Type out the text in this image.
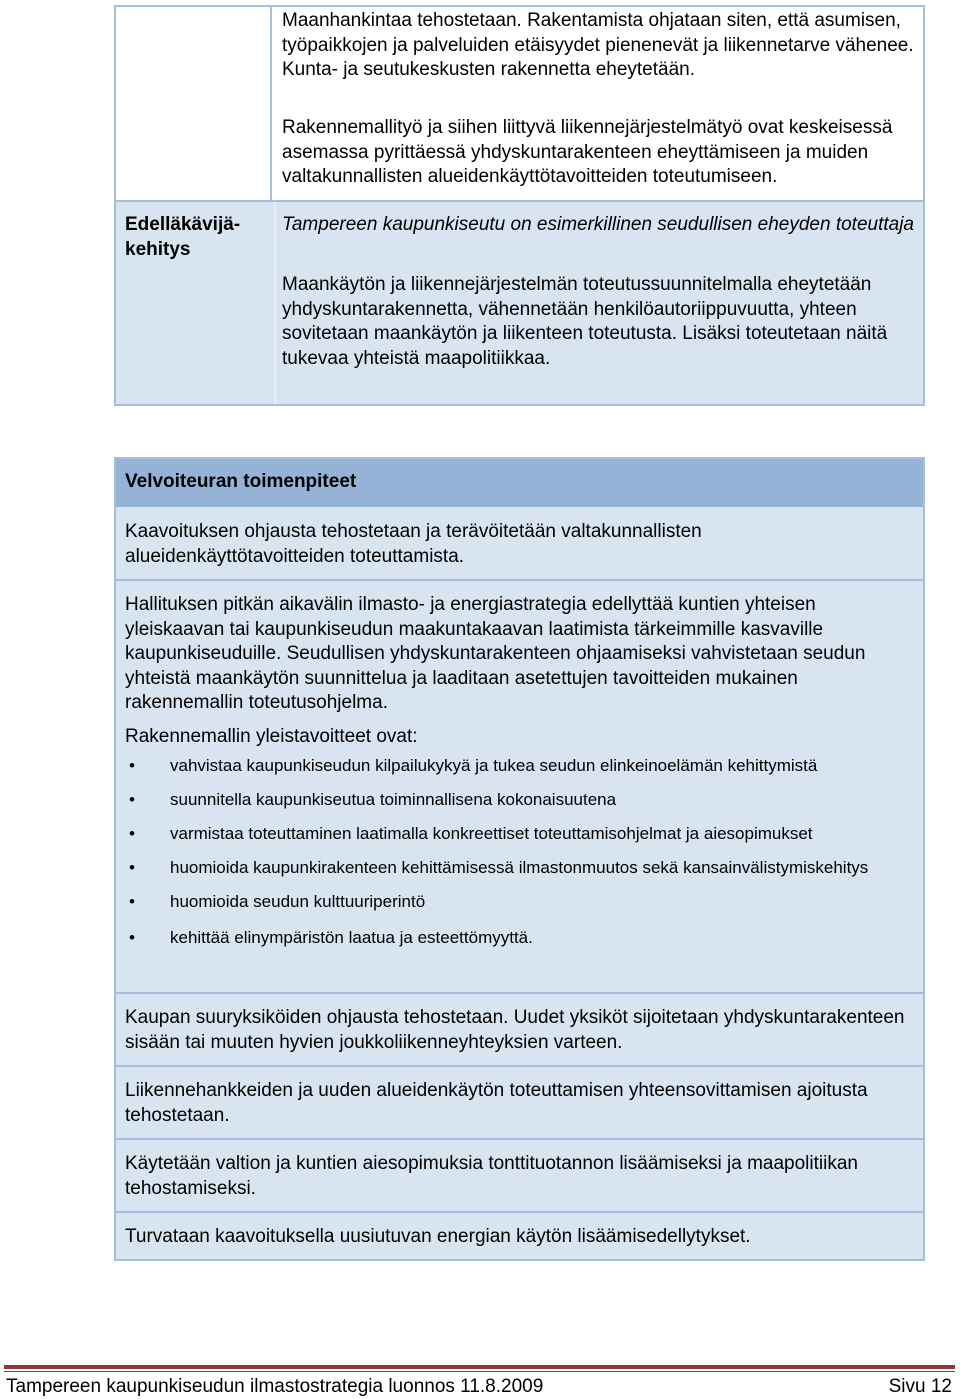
Maanhankintaa tehostetaan. Rakentamista ohjataan siten, että asumisen, työpaikkojen ja palveluiden etäisyydet pienenevät ja liikennetarve vähenee. Kunta- ja seutukeskusten rakennetta eheytetään.

Rakennemallityö ja siihen liittyvä liikennejärjestelmätyö ovat keskeisessä asemassa pyrittäessä yhdyskuntarakenteen eheyttämiseen ja muiden valtakunnallisten alueidenkäyttötavoitteiden toteutumiseen.

Edelläkävijä-
kehitys

Tampereen kaupunkiseutu on esimerkillinen seudullisen eheyden toteuttaja

Maankäytön ja liikennejärjestelmän toteutussuunnitelmalla eheytetään yhdyskuntarakennetta, vähennetään henkilöautoriippuvuutta, yhteen sovitetaan maankäytön ja liikenteen toteutusta. Lisäksi toteutetaan näitä tukevaa yhteistä maapolitiikkaa.

Velvoiteuran toimenpiteet

Kaavoituksen ohjausta tehostetaan ja terävöitetään valtakunnallisten alueidenkäyttötavoitteiden toteuttamista.

Hallituksen pitkän aikavälin ilmasto- ja energiastrategia edellyttää kuntien yhteisen yleiskaavan tai kaupunkiseudun maakuntakaavan laatimista tärkeimmille kasvaville kaupunkiseuduille. Seudullisen yhdyskuntarakenteen ohjaamiseksi vahvistetaan seudun yhteistä maankäytön suunnittelua ja laaditaan asetettujen tavoitteiden mukainen rakennemallin toteutusohjelma.

Rakennemallin yleistavoitteet ovat:

• vahvistaa kaupunkiseudun kilpailukykyä ja tukea seudun elinkeinoelämän kehittymistä
• suunnitella kaupunkiseutua toiminnallisena kokonaisuutena
• varmistaa toteuttaminen laatimalla konkreettiset toteuttamisohjelmat ja aiesopimukset
• huomioida kaupunkirakenteen kehittämisessä ilmastonmuutos sekä kansainvälistymiskehitys
• huomioida seudun kulttuuriperintö
• kehittää elinympäristön laatua ja esteettömyyttä.

Kaupan suuryksiköiden ohjausta tehostetaan. Uudet yksiköt sijoitetaan yhdyskuntarakenteen sisään tai muuten hyvien joukkoliikenneyhteyksien varteen.

Liikennehankkeiden ja uuden alueidenkäytön toteuttamisen yhteensovittamisen ajoitusta tehostetaan.

Käytetään valtion ja kuntien aiesopimuksia tonttituotannon lisäämiseksi ja maapolitiikan tehostamiseksi.

Turvataan kaavoituksella uusiutuvan energian käytön lisäämisedellytykset.

Tampereen kaupunkiseudun ilmastostrategia luonnos 11.8.2009	Sivu 12
